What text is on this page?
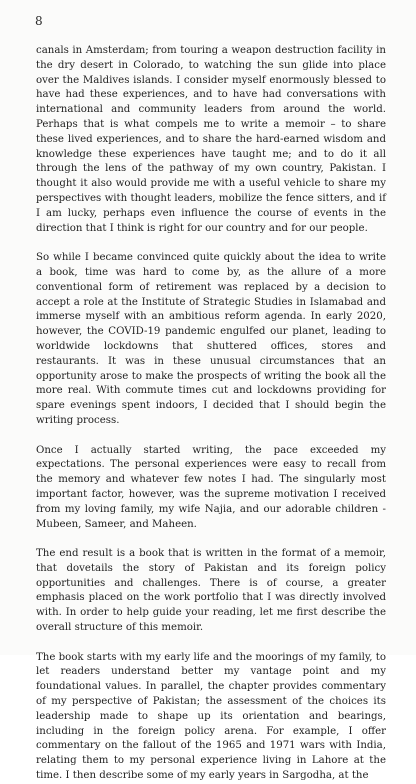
8

canals in Amsterdam; from touring a weapon destruction facility in the dry desert in Colorado, to watching the sun glide into place over the Maldives islands. I consider myself enormously blessed to have had these experiences, and to have had conversations with international and community leaders from around the world. Perhaps that is what compels me to write a memoir – to share these lived experiences, and to share the hard-earned wisdom and knowledge these experiences have taught me; and to do it all through the lens of the pathway of my own country, Pakistan. I thought it also would provide me with a useful vehicle to share my perspectives with thought leaders, mobilize the fence sitters, and if I am lucky, perhaps even influence the course of events in the direction that I think is right for our country and for our people.

So while I became convinced quite quickly about the idea to write a book, time was hard to come by, as the allure of a more conventional form of retirement was replaced by a decision to accept a role at the Institute of Strategic Studies in Islamabad and immerse myself with an ambitious reform agenda. In early 2020, however, the COVID-19 pandemic engulfed our planet, leading to worldwide lockdowns that shuttered offices, stores and restaurants. It was in these unusual circumstances that an opportunity arose to make the prospects of writing the book all the more real. With commute times cut and lockdowns providing for spare evenings spent indoors, I decided that I should begin the writing process.

Once I actually started writing, the pace exceeded my expectations. The personal experiences were easy to recall from the memory and whatever few notes I had. The singularly most important factor, however, was the supreme motivation I received from my loving family, my wife Najia, and our adorable children - Mubeen, Sameer, and Maheen.

The end result is a book that is written in the format of a memoir, that dovetails the story of Pakistan and its foreign policy opportunities and challenges. There is of course, a greater emphasis placed on the work portfolio that I was directly involved with. In order to help guide your reading, let me first describe the overall structure of this memoir.

The book starts with my early life and the moorings of my family, to let readers understand better my vantage point and my foundational values. In parallel, the chapter provides commentary of my perspective of Pakistan; the assessment of the choices its leadership made to shape up its orientation and bearings, including in the foreign policy arena. For example, I offer commentary on the fallout of the 1965 and 1971 wars with India, relating them to my personal experience living in Lahore at the time. I then describe some of my early years in Sargodha, at the
